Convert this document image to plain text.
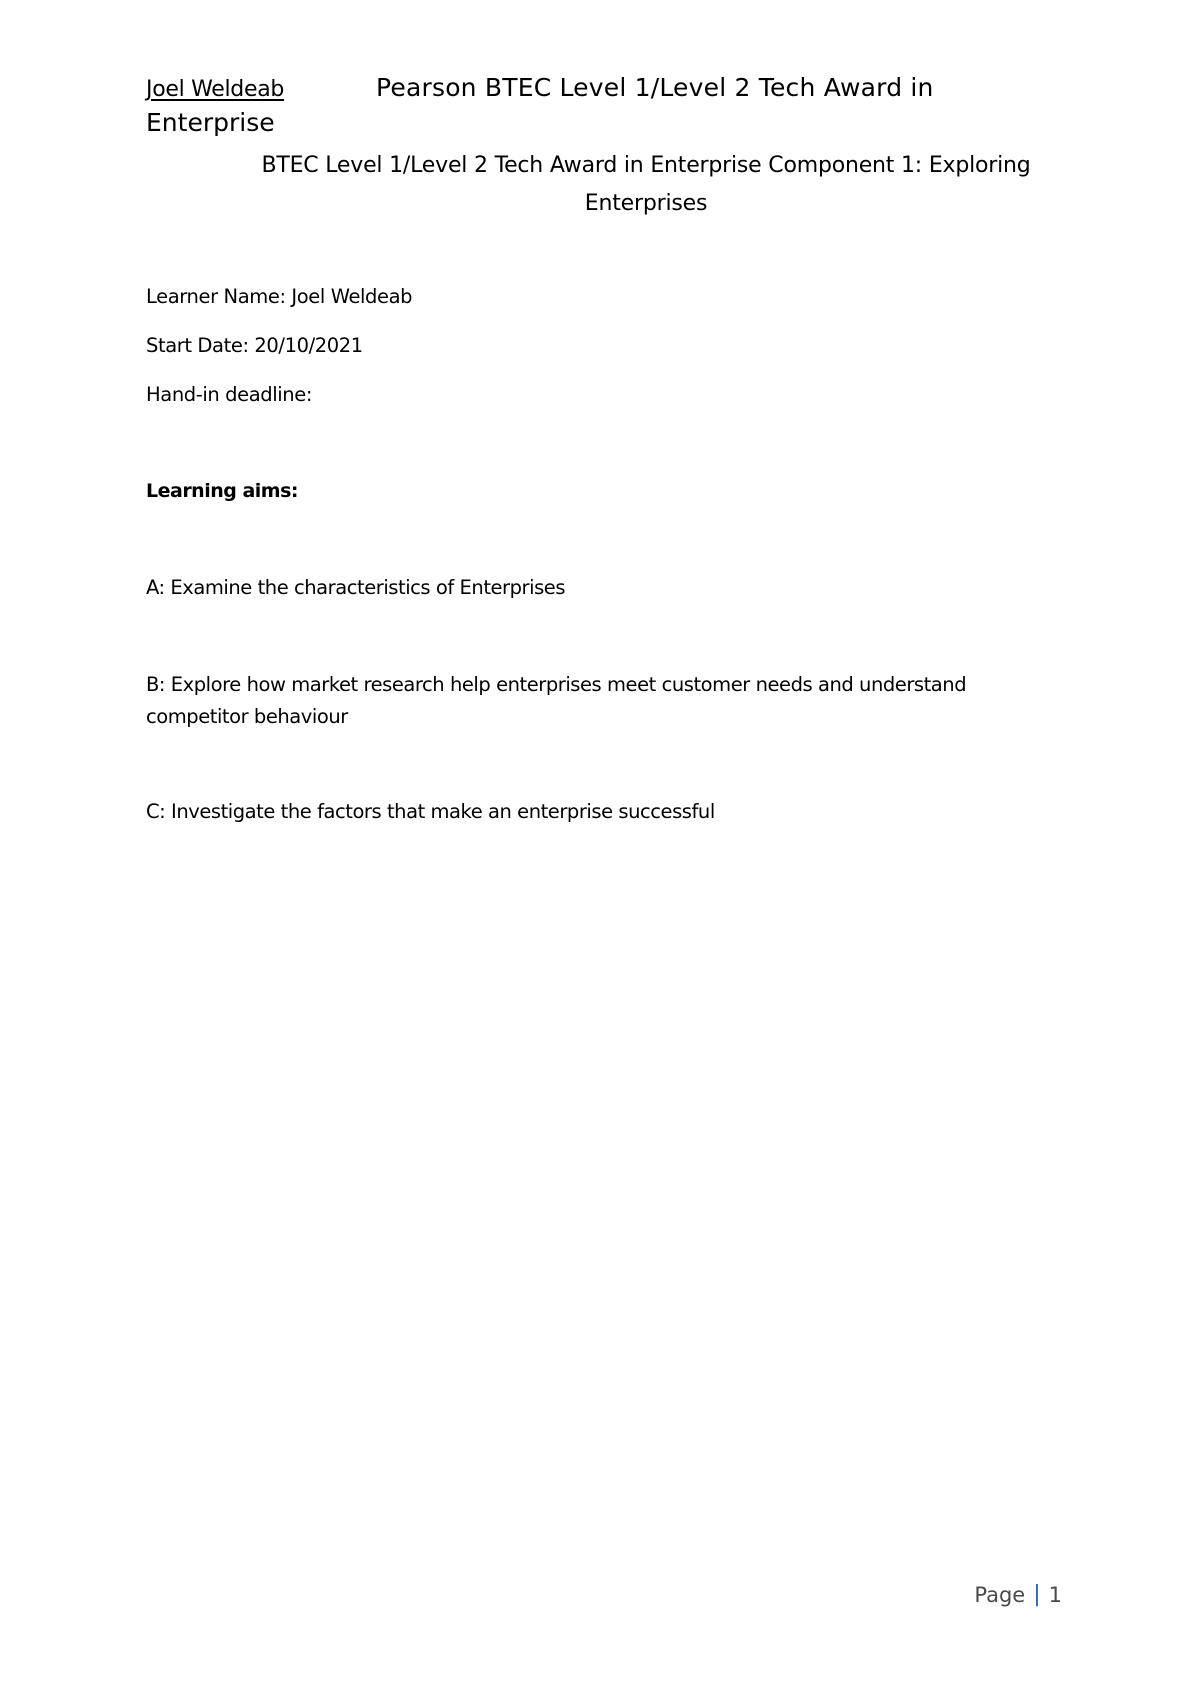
Joel Weldeab	Pearson BTEC Level 1/Level 2 Tech Award in
Enterprise
BTEC Level 1/Level 2 Tech Award in Enterprise Component 1: Exploring
Enterprises
Learner Name: Joel Weldeab
Start Date: 20/10/2021
Hand-in deadline:
Learning aims:
A: Examine the characteristics of Enterprises
B: Explore how market research help enterprises meet customer needs and understand competitor behaviour
C: Investigate the factors that make an enterprise successful
Page | 1
